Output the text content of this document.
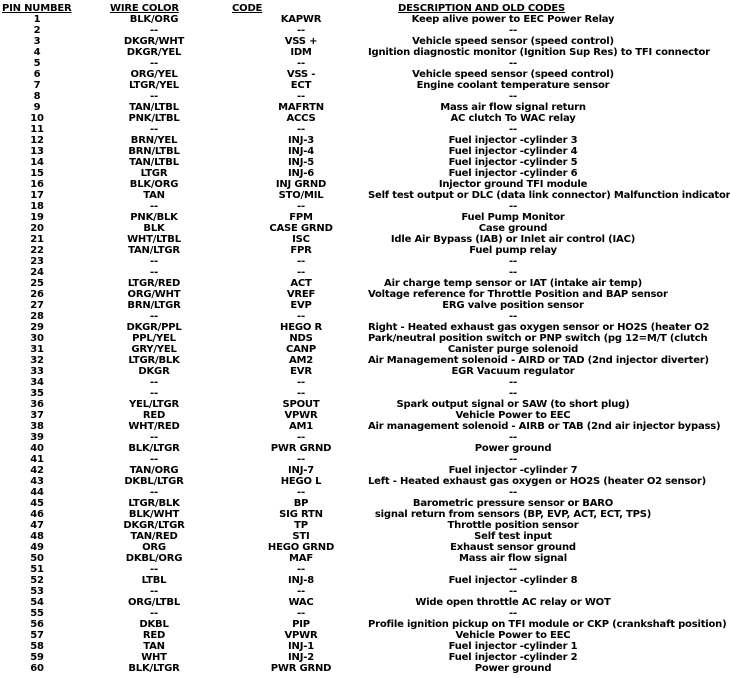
PIN NUMBER	WIRE COLOR	CODE	DESCRIPTION AND OLD CODES
1	BLK/ORG	KAPWR	Keep alive power to EEC Power Relay
2	--	--	--
3	DKGR/WHT	VSS +	Vehicle speed sensor (speed control)
4	DKGR/YEL	IDM	Ignition diagnostic monitor (Ignition Sup Res) to TFI connector
5	--	--	--
6	ORG/YEL	VSS -	Vehicle speed sensor (speed control)
7	LTGR/YEL	ECT	Engine coolant temperature sensor
8	--	--	--
9	TAN/LTBL	MAFRTN	Mass air flow signal return
10	PNK/LTBL	ACCS	AC clutch To WAC relay
11	--	--	--
12	BRN/YEL	INJ-3	Fuel injector -cylinder 3
13	BRN/LTBL	INJ-4	Fuel injector -cylinder 4
14	TAN/LTBL	INJ-5	Fuel injector -cylinder 5
15	LTGR	INJ-6	Fuel injector -cylinder 6
16	BLK/ORG	INJ GRND	Injector ground TFI module
17	TAN	STO/MIL	Self test output or DLC (data link connector) Malfunction indicator
18	--	--	--
19	PNK/BLK	FPM	Fuel Pump Monitor
20	BLK	CASE GRND	Case ground
21	WHT/LTBL	ISC	Idle Air Bypass (IAB) or Inlet air control (IAC)
22	TAN/LTGR	FPR	Fuel pump relay
23	--	--	--
24	--	--	--
25	LTGR/RED	ACT	Air charge temp sensor or IAT (intake air temp)
26	ORG/WHT	VREF	Voltage reference for Throttle Position and BAP sensor
27	BRN/LTGR	EVP	ERG valve position sensor
28	--	--	--
29	DKGR/PPL	HEGO R	Right - Heated exhaust gas oxygen sensor or HO2S (heater O2
30	PPL/YEL	NDS	Park/neutral position switch or PNP switch (pg 12=M/T (clutch
31	GRY/YEL	CANP	Canister purge solenoid
32	LTGR/BLK	AM2	Air Management solenoid - AIRD or TAD (2nd injector diverter)
33	DKGR	EVR	EGR Vacuum regulator
34	--	--	--
35	--	--	--
36	YEL/LTGR	SPOUT	Spark output signal or SAW (to short plug)
37	RED	VPWR	Vehicle Power to EEC
38	WHT/RED	AM1	Air management solenoid - AIRB or TAB (2nd air injector bypass)
39	--	--	--
40	BLK/LTGR	PWR GRND	Power ground
41	--	--	--
42	TAN/ORG	INJ-7	Fuel injector -cylinder 7
43	DKBL/LTGR	HEGO L	Left - Heated exhaust gas oxygen or HO2S (heater O2 sensor)
44	--	--	--
45	LTGR/BLK	BP	Barometric pressure sensor or BARO
46	BLK/WHT	SIG RTN	signal return from sensors (BP, EVP, ACT, ECT, TPS)
47	DKGR/LTGR	TP	Throttle position sensor
48	TAN/RED	STI	Self test input
49	ORG	HEGO GRND	Exhaust sensor ground
50	DKBL/ORG	MAF	Mass air flow signal
51	--	--	--
52	LTBL	INJ-8	Fuel injector -cylinder 8
53	--	--	--
54	ORG/LTBL	WAC	Wide open throttle AC relay or WOT
55	--	--	--
56	DKBL	PIP	Profile ignition pickup on TFI module or CKP (crankshaft position)
57	RED	VPWR	Vehicle Power to EEC
58	TAN	INJ-1	Fuel injector -cylinder 1
59	WHT	INJ-2	Fuel injector -cylinder 2
60	BLK/LTGR	PWR GRND	Power ground
